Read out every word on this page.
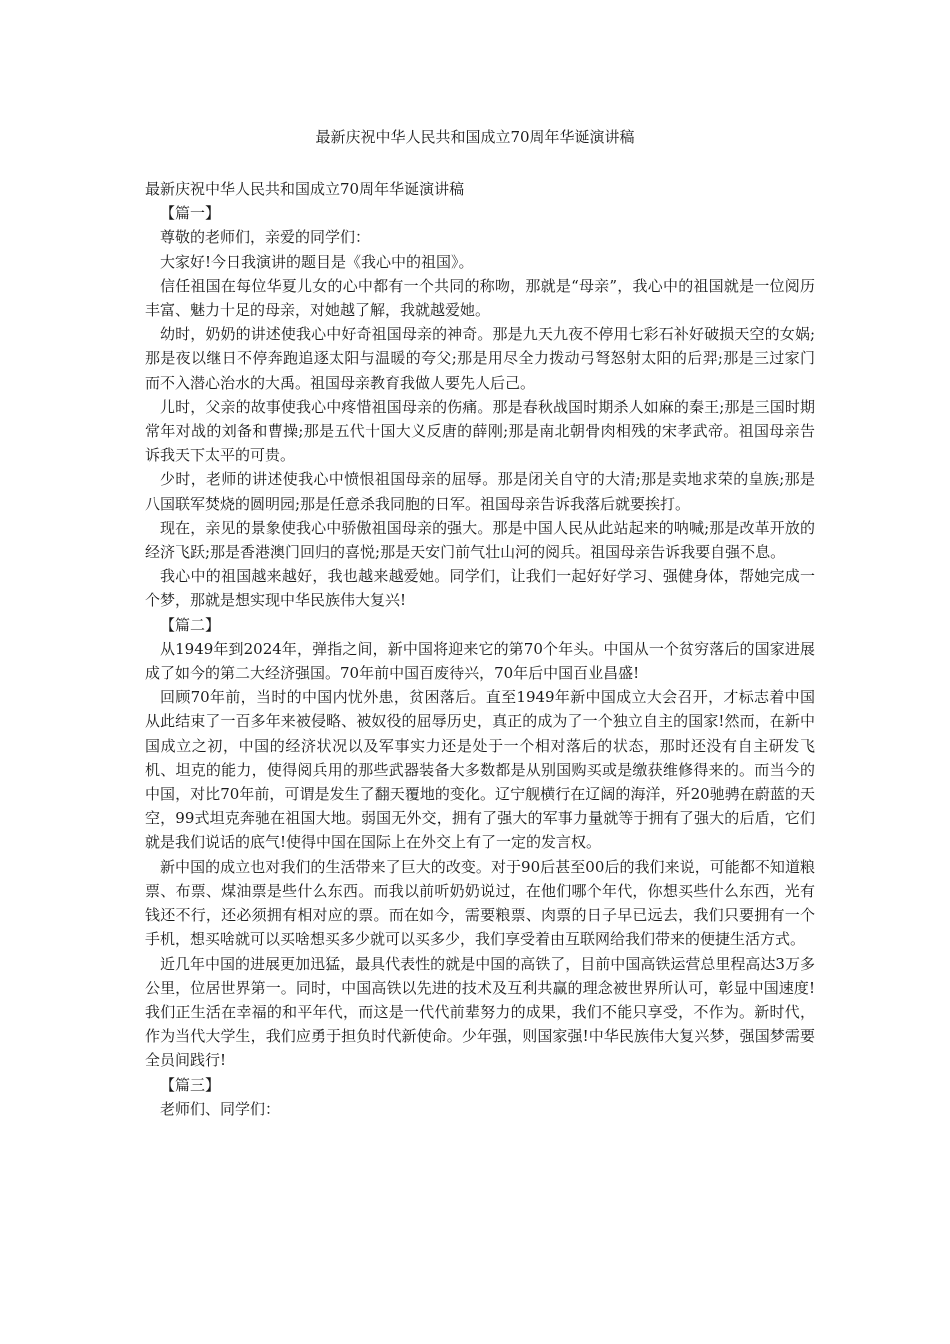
最新庆祝中华人民共和国成立70周年华诞演讲稿

最新庆祝中华人民共和国成立70周年华诞演讲稿

【篇一】

尊敬的老师们，亲爱的同学们：

大家好!今日我演讲的题目是《我心中的祖国》。

信任祖国在每位华夏儿女的心中都有一个共同的称吻，那就是“母亲”，我心中的祖国就是一位阅历丰富、魅力十足的母亲，对她越了解，我就越爱她。

幼时，奶奶的讲述使我心中好奇祖国母亲的神奇。那是九天九夜不停用七彩石补好破损天空的女娲;那是夜以继日不停奔跑追逐太阳与温暖的夸父;那是用尽全力拨动弓弩怒射太阳的后羿;那是三过家门而不入潜心治水的大禹。祖国母亲教育我做人要先人后己。

儿时，父亲的故事使我心中疼惜祖国母亲的伤痛。那是春秋战国时期杀人如麻的秦王;那是三国时期常年对战的刘备和曹操;那是五代十国大义反唐的薛刚;那是南北朝骨肉相残的宋孝武帝。祖国母亲告诉我天下太平的可贵。

少时，老师的讲述使我心中愤恨祖国母亲的屈辱。那是闭关自守的大清;那是卖地求荣的皇族;那是八国联军焚烧的圆明园;那是任意杀我同胞的日军。祖国母亲告诉我落后就要挨打。

现在，亲见的景象使我心中骄傲祖国母亲的强大。那是中国人民从此站起来的呐喊;那是改革开放的经济飞跃;那是香港澳门回归的喜悦;那是天安门前气壮山河的阅兵。祖国母亲告诉我要自强不息。

我心中的祖国越来越好，我也越来越爱她。同学们，让我们一起好好学习、强健身体，帮她完成一个梦，那就是想实现中华民族伟大复兴!

【篇二】

从1949年到2024年，弹指之间，新中国将迎来它的第70个年头。中国从一个贫穷落后的国家进展成了如今的第二大经济强国。70年前中国百废待兴，70年后中国百业昌盛!

回顾70年前，当时的中国内忧外患，贫困落后。直至1949年新中国成立大会召开，才标志着中国从此结束了一百多年来被侵略、被奴役的屈辱历史，真正的成为了一个独立自主的国家!然而，在新中国成立之初，中国的经济状况以及军事实力还是处于一个相对落后的状态，那时还没有自主研发飞机、坦克的能力，使得阅兵用的那些武器装备大多数都是从别国购买或是缴获维修得来的。而当今的中国，对比70年前，可谓是发生了翻天覆地的变化。辽宁舰横行在辽阔的海洋，歼20驰骋在蔚蓝的天空，99式坦克奔驰在祖国大地。弱国无外交，拥有了强大的军事力量就等于拥有了强大的后盾，它们就是我们说话的底气!使得中国在国际上在外交上有了一定的发言权。

新中国的成立也对我们的生活带来了巨大的改变。对于90后甚至00后的我们来说，可能都不知道粮票、布票、煤油票是些什么东西。而我以前听奶奶说过，在他们哪个年代，你想买些什么东西，光有钱还不行，还必须拥有相对应的票。而在如今，需要粮票、肉票的日子早已远去，我们只要拥有一个手机，想买啥就可以买啥想买多少就可以买多少，我们享受着由互联网给我们带来的便捷生活方式。

近几年中国的进展更加迅猛，最具代表性的就是中国的高铁了，目前中国高铁运营总里程高达3万多公里，位居世界第一。同时，中国高铁以先进的技术及互利共赢的理念被世界所认可，彰显中国速度!我们正生活在幸福的和平年代，而这是一代代前辈努力的成果，我们不能只享受，不作为。新时代，作为当代大学生，我们应勇于担负时代新使命。少年强，则国家强!中华民族伟大复兴梦，强国梦需要全员间践行!

【篇三】

老师们、同学们：
